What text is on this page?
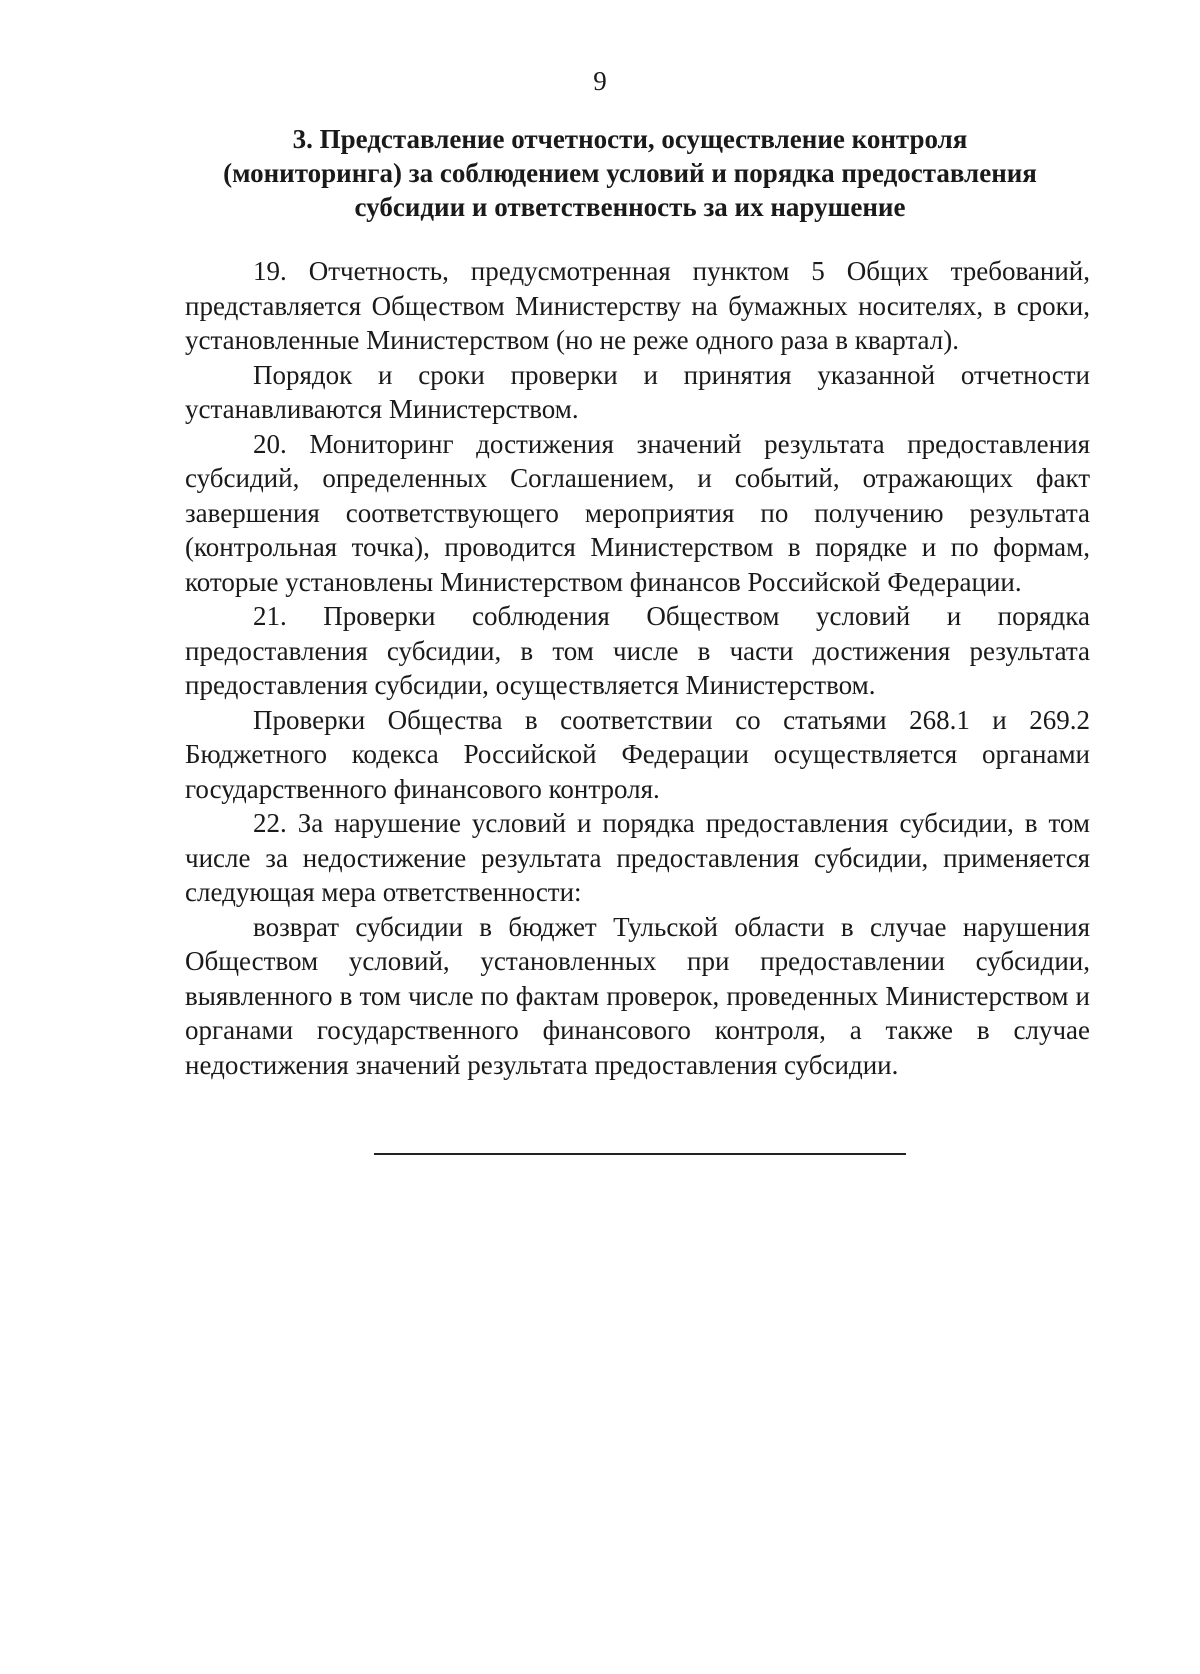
9
3. Представление отчетности, осуществление контроля
(мониторинга) за соблюдением условий и порядка предоставления
субсидии и ответственность за их нарушение

19. Отчетность, предусмотренная пунктом 5 Общих требований, представляется Обществом Министерству на бумажных носителях, в сроки, установленные Министерством (но не реже одного раза в квартал).

Порядок и сроки проверки и принятия указанной отчетности устанавливаются Министерством.

20. Мониторинг достижения значений результата предоставления субсидий, определенных Соглашением, и событий, отражающих факт завершения соответствующего мероприятия по получению результата (контрольная точка), проводится Министерством в порядке и по формам, которые установлены Министерством финансов Российской Федерации.

21. Проверки соблюдения Обществом условий и порядка предоставления субсидии, в том числе в части достижения результата предоставления субсидии, осуществляется Министерством.

Проверки Общества в соответствии со статьями 268.1 и 269.2 Бюджетного кодекса Российской Федерации осуществляется органами государственного финансового контроля.

22. За нарушение условий и порядка предоставления субсидии, в том числе за недостижение результата предоставления субсидии, применяется следующая мера ответственности:

возврат субсидии в бюджет Тульской области в случае нарушения Обществом условий, установленных при предоставлении субсидии, выявленного в том числе по фактам проверок, проведенных Министерством и органами государственного финансового контроля, а также в случае недостижения значений результата предоставления субсидии.
